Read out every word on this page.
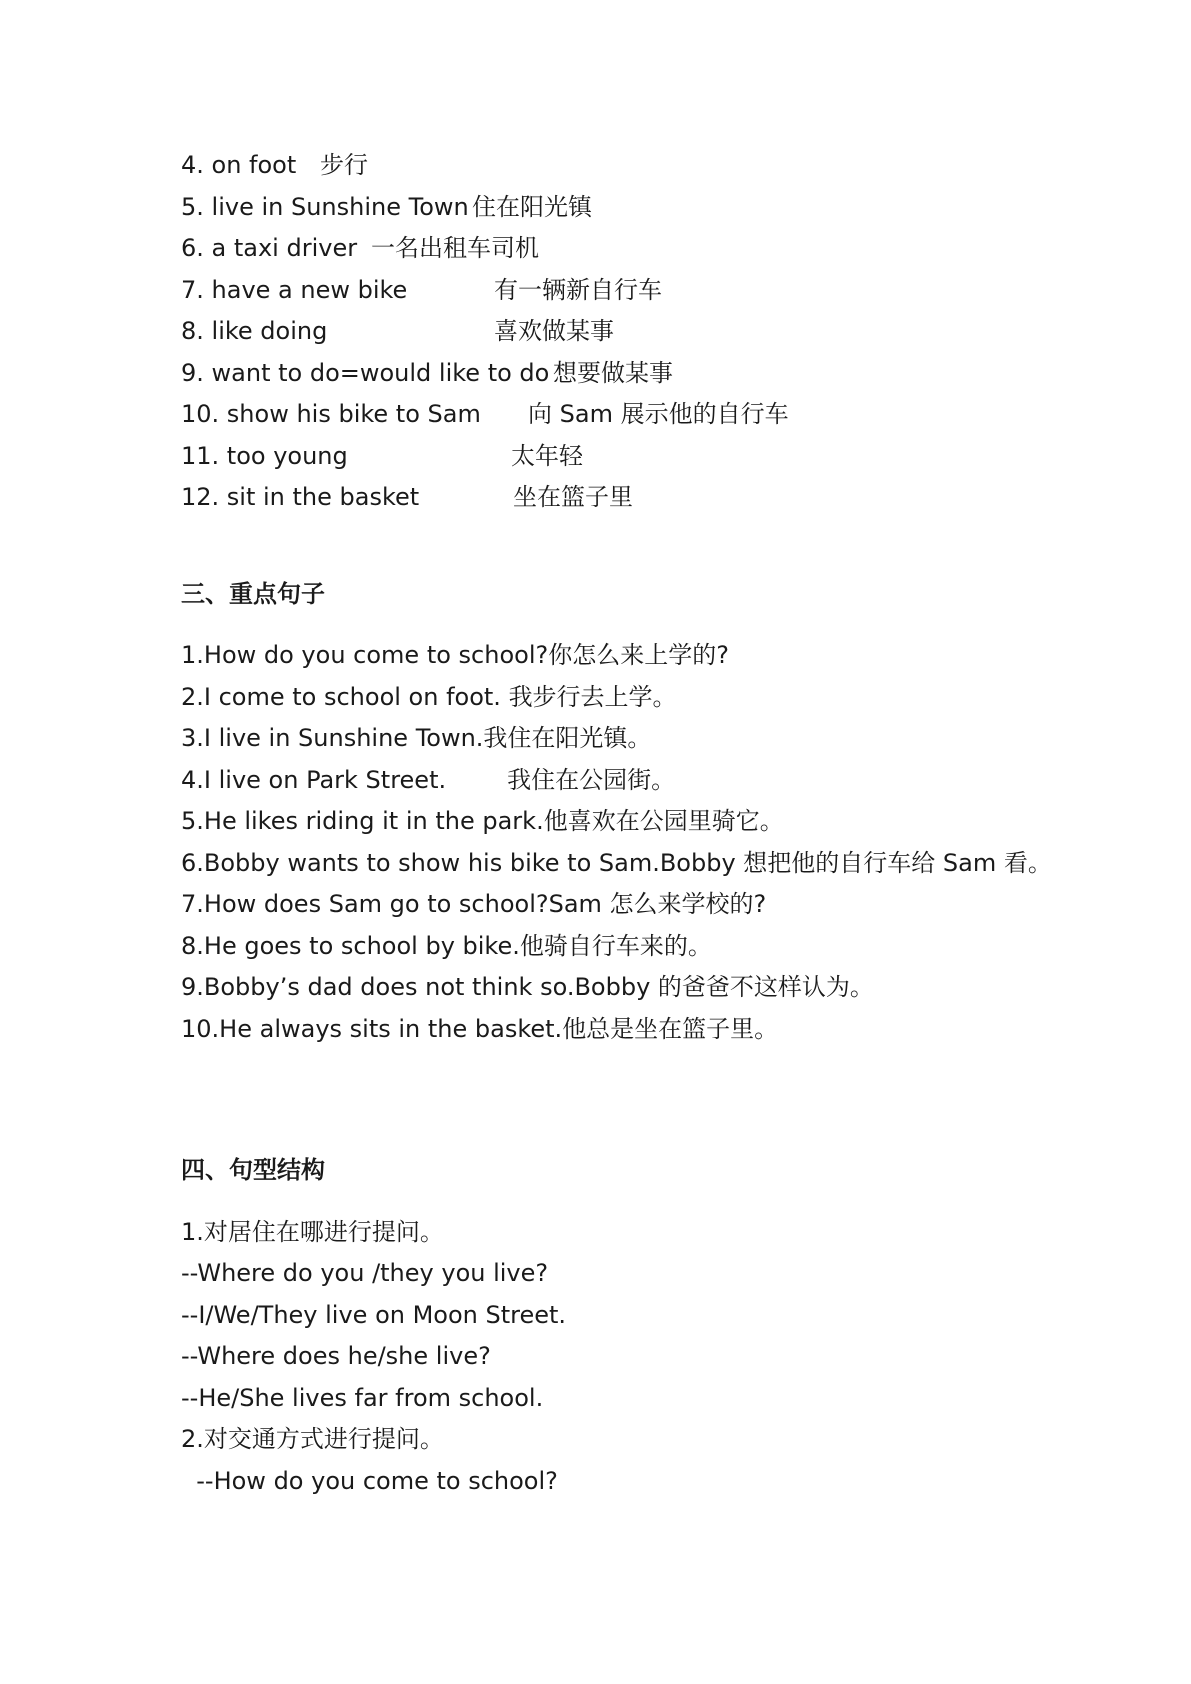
4. on foot 步行
5. live in Sunshine Town 住在阳光镇
6. a taxi driver 一名出租车司机
7. have a new bike	有一辆新自行车
8. like doing	喜欢做某事
9. want to do=would like to do 想要做某事
10. show his bike to Sam 向 Sam 展示他的自行车
11. too young	太年轻
12. sit in the basket	坐在篮子里
三、重点句子
1.How do you come to school?你怎么来上学的?
2.I come to school on foot. 我步行去上学。
3.I live in Sunshine Town.我住在阳光镇。
4.I live on Park Street.        我住在公园街。
5.He likes riding it in the park.他喜欢在公园里骑它。
6.Bobby wants to show his bike to Sam.Bobby 想把他的自行车给 Sam 看。
7.How does Sam go to school?Sam 怎么来学校的?
8.He goes to school by bike.他骑自行车来的。
9.Bobby’s dad does not think so.Bobby 的爸爸不这样认为。
10.He always sits in the basket.他总是坐在篮子里。
四、句型结构
1.对居住在哪进行提问。
--Where do you /they you live?
--I/We/They live on Moon Street.
--Where does he/she live?
--He/She lives far from school.
2.对交通方式进行提问。
--How do you come to school?
